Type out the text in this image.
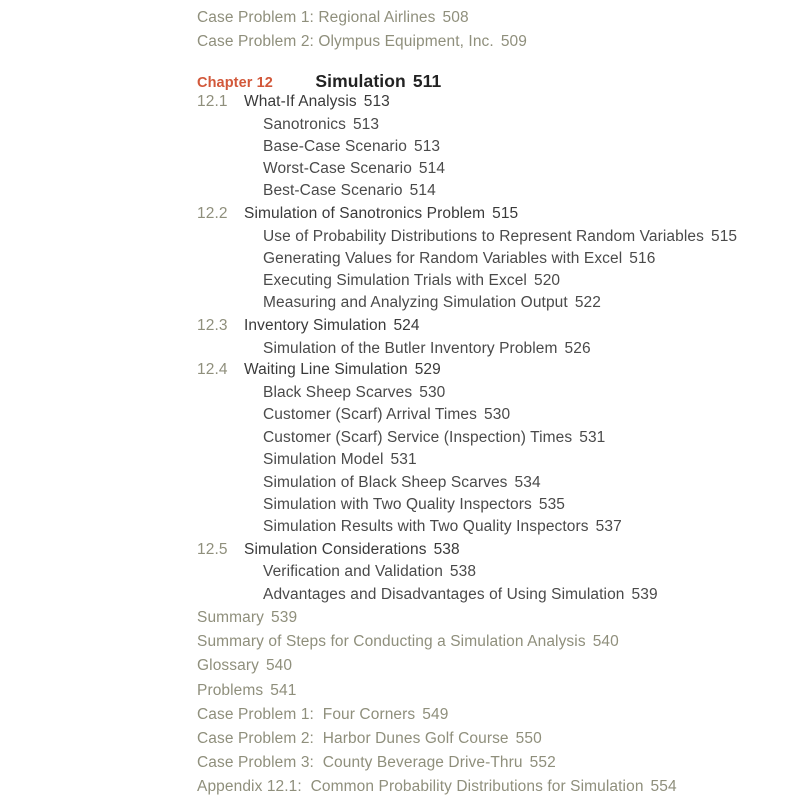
Case Problem 1: Regional Airlines 508
Case Problem 2: Olympus Equipment, Inc. 509
Chapter 12 Simulation 511
12.1 What-If Analysis 513
Sanotronics 513
Base-Case Scenario 513
Worst-Case Scenario 514
Best-Case Scenario 514
12.2 Simulation of Sanotronics Problem 515
Use of Probability Distributions to Represent Random Variables 515
Generating Values for Random Variables with Excel 516
Executing Simulation Trials with Excel 520
Measuring and Analyzing Simulation Output 522
12.3 Inventory Simulation 524
Simulation of the Butler Inventory Problem 526
12.4 Waiting Line Simulation 529
Black Sheep Scarves 530
Customer (Scarf) Arrival Times 530
Customer (Scarf) Service (Inspection) Times 531
Simulation Model 531
Simulation of Black Sheep Scarves 534
Simulation with Two Quality Inspectors 535
Simulation Results with Two Quality Inspectors 537
12.5 Simulation Considerations 538
Verification and Validation 538
Advantages and Disadvantages of Using Simulation 539
Summary 539
Summary of Steps for Conducting a Simulation Analysis 540
Glossary 540
Problems 541
Case Problem 1:  Four Corners 549
Case Problem 2:  Harbor Dunes Golf Course 550
Case Problem 3:  County Beverage Drive-Thru 552
Appendix 12.1:  Common Probability Distributions for Simulation 554
